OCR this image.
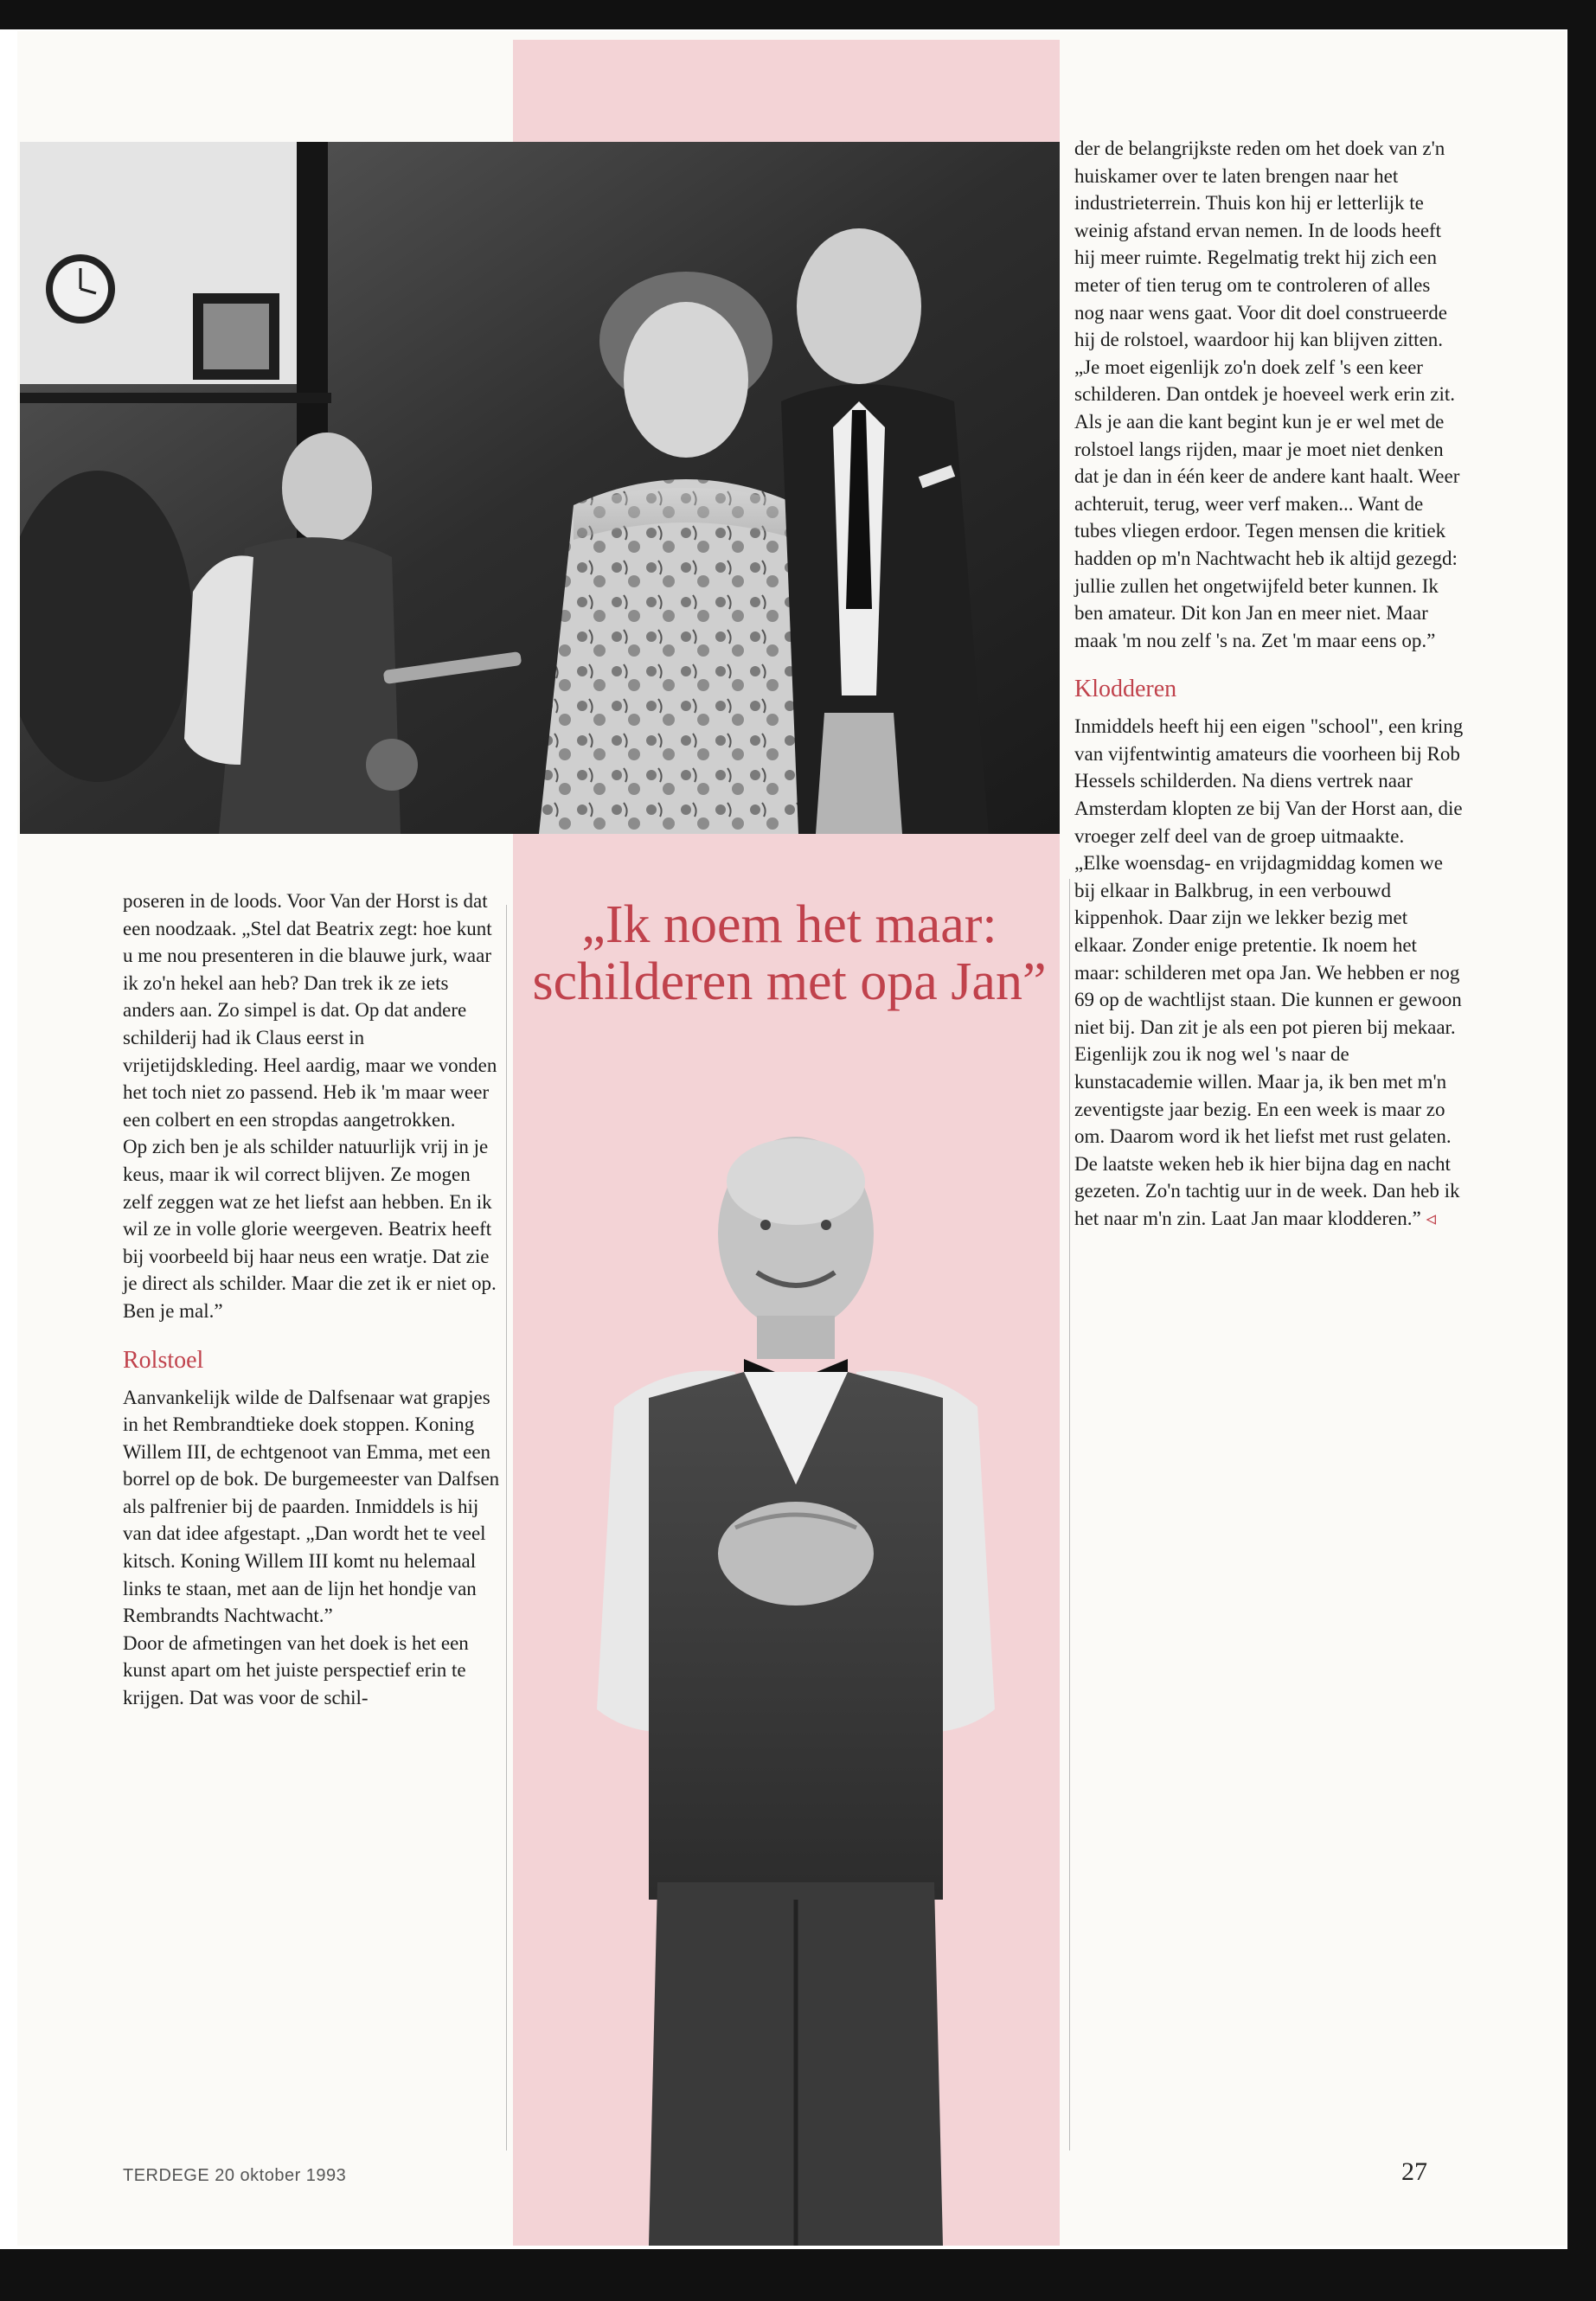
poseren in de loods. Voor Van der Horst is dat een noodzaak. „Stel dat Beatrix zegt: hoe kunt u me nou presenteren in die blauwe jurk, waar ik zo'n hekel aan heb? Dan trek ik ze iets anders aan. Zo simpel is dat. Op dat andere schilderij had ik Claus eerst in vrijetijdskleding. Heel aardig, maar we vonden het toch niet zo passend. Heb ik 'm maar weer een colbert en een stropdas aangetrokken.

Op zich ben je als schilder natuurlijk vrij in je keus, maar ik wil correct blijven. Ze mogen zelf zeggen wat ze het liefst aan hebben. En ik wil ze in volle glorie weergeven. Beatrix heeft bij voorbeeld bij haar neus een wratje. Dat zie je direct als schilder. Maar die zet ik er niet op. Ben je mal.”

Rolstoel

Aanvankelijk wilde de Dalfsenaar wat grapjes in het Rembrandtieke doek stoppen. Koning Willem III, de echtgenoot van Emma, met een borrel op de bok. De burgemeester van Dalfsen als palfrenier bij de paarden. Inmiddels is hij van dat idee afgestapt. „Dan wordt het te veel kitsch. Koning Willem III komt nu helemaal links te staan, met aan de lijn het hondje van Rembrandts Nachtwacht.”

Door de afmetingen van het doek is het een kunst apart om het juiste perspectief erin te krijgen. Dat was voor de schil-

„Ik noem het maar: schilderen met opa Jan”

der de belangrijkste reden om het doek van z'n huiskamer over te laten brengen naar het industrieterrein. Thuis kon hij er letterlijk te weinig afstand ervan nemen. In de loods heeft hij meer ruimte. Regelmatig trekt hij zich een meter of tien terug om te controleren of alles nog naar wens gaat. Voor dit doel construeerde hij de rolstoel, waardoor hij kan blijven zitten.

„Je moet eigenlijk zo'n doek zelf 's een keer schilderen. Dan ontdek je hoeveel werk erin zit. Als je aan die kant begint kun je er wel met de rolstoel langs rijden, maar je moet niet denken dat je dan in één keer de andere kant haalt. Weer achteruit, terug, weer verf maken... Want de tubes vliegen erdoor. Tegen mensen die kritiek hadden op m'n Nachtwacht heb ik altijd gezegd: jullie zullen het ongetwijfeld beter kunnen. Ik ben amateur. Dit kon Jan en meer niet. Maar maak 'm nou zelf 's na. Zet 'm maar eens op.”

Klodderen

Inmiddels heeft hij een eigen "school", een kring van vijfentwintig amateurs die voorheen bij Rob Hessels schilderden. Na diens vertrek naar Amsterdam klopten ze bij Van der Horst aan, die vroeger zelf deel van de groep uitmaakte.

„Elke woensdag- en vrijdagmiddag komen we bij elkaar in Balkbrug, in een verbouwd kippenhok. Daar zijn we lekker bezig met elkaar. Zonder enige pretentie. Ik noem het maar: schilderen met opa Jan. We hebben er nog 69 op de wachtlijst staan. Die kunnen er gewoon niet bij. Dan zit je als een pot pieren bij mekaar.

Eigenlijk zou ik nog wel 's naar de kunstacademie willen. Maar ja, ik ben met m'n zeventigste jaar bezig. En een week is maar zo om. Daarom word ik het liefst met rust gelaten. De laatste weken heb ik hier bijna dag en nacht gezeten. Zo'n tachtig uur in de week. Dan heb ik het naar m'n zin. Laat Jan maar klodderen.” ◃

TERDEGE 20 oktober 1993	27
